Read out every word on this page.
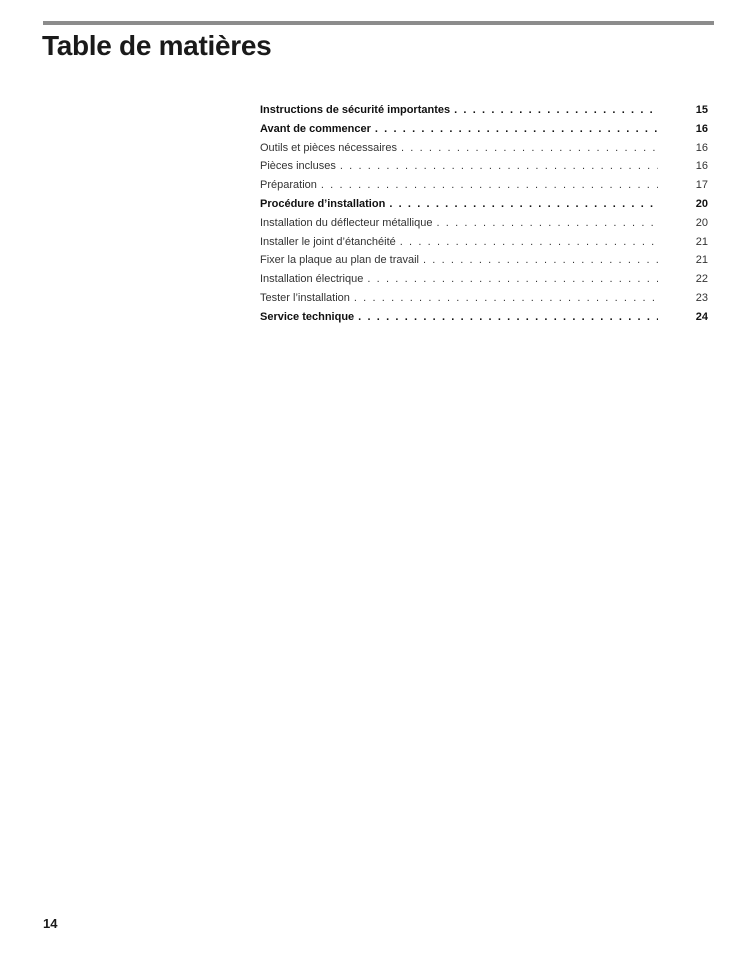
Table de matières
Instructions de sécurité importantes . . .	15
Avant de commencer . . .	16
Outils et pièces nécessaires . . .	16
Pièces incluses . . .	16
Préparation . . .	17
Procédure d’installation . . .	20
Installation du déflecteur métallique . . .	20
Installer le joint d’étanchéité . . .	21
Fixer la plaque au plan de travail . . .	21
Installation électrique . . .	22
Tester l’installation . . .	23
Service technique . . .	24
14
